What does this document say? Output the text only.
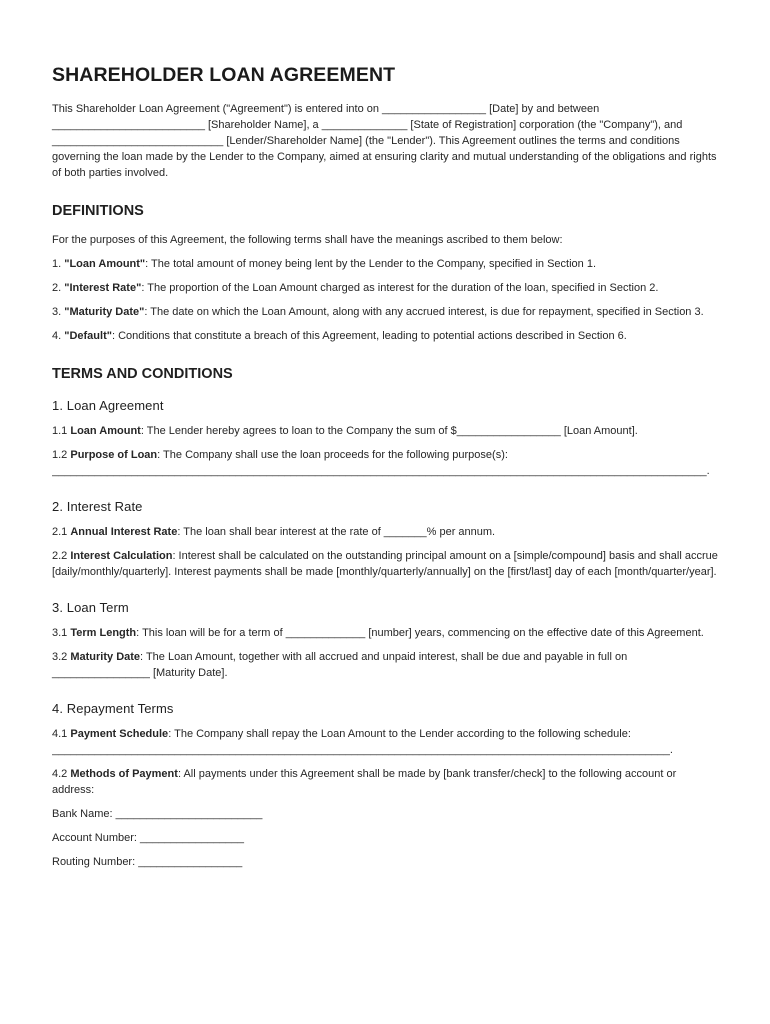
SHAREHOLDER LOAN AGREEMENT

This Shareholder Loan Agreement ("Agreement") is entered into on _________________ [Date] by and between _________________________ [Shareholder Name], a ______________ [State of Registration] corporation (the "Company"), and ____________________________ [Lender/Shareholder Name] (the "Lender"). This Agreement outlines the terms and conditions governing the loan made by the Lender to the Company, aimed at ensuring clarity and mutual understanding of the obligations and rights of both parties involved.

DEFINITIONS

For the purposes of this Agreement, the following terms shall have the meanings ascribed to them below:

1. "Loan Amount": The total amount of money being lent by the Lender to the Company, specified in Section 1.

2. "Interest Rate": The proportion of the Loan Amount charged as interest for the duration of the loan, specified in Section 2.

3. "Maturity Date": The date on which the Loan Amount, along with any accrued interest, is due for repayment, specified in Section 3.

4. "Default": Conditions that constitute a breach of this Agreement, leading to potential actions described in Section 6.

TERMS AND CONDITIONS
1. Loan Agreement

1.1 Loan Amount: The Lender hereby agrees to loan to the Company the sum of $_________________ [Loan Amount].

1.2 Purpose of Loan: The Company shall use the loan proceeds for the following purpose(s):
___________________________________________________________________________________________________________.

2. Interest Rate

2.1 Annual Interest Rate: The loan shall bear interest at the rate of _______% per annum.

2.2 Interest Calculation: Interest shall be calculated on the outstanding principal amount on a [simple/compound] basis and shall accrue [daily/monthly/quarterly]. Interest payments shall be made [monthly/quarterly/annually] on the [first/last] day of each [month/quarter/year].

3. Loan Term

3.1 Term Length: This loan will be for a term of _____________ [number] years, commencing on the effective date of this Agreement.

3.2 Maturity Date: The Loan Amount, together with all accrued and unpaid interest, shall be due and payable in full on ________________ [Maturity Date].

4. Repayment Terms

4.1 Payment Schedule: The Company shall repay the Loan Amount to the Lender according to the following schedule:
_____________________________________________________________________________________________________.

4.2 Methods of Payment: All payments under this Agreement shall be made by [bank transfer/check] to the following account or address:

Bank Name: ________________________

Account Number: _________________

Routing Number: _________________
